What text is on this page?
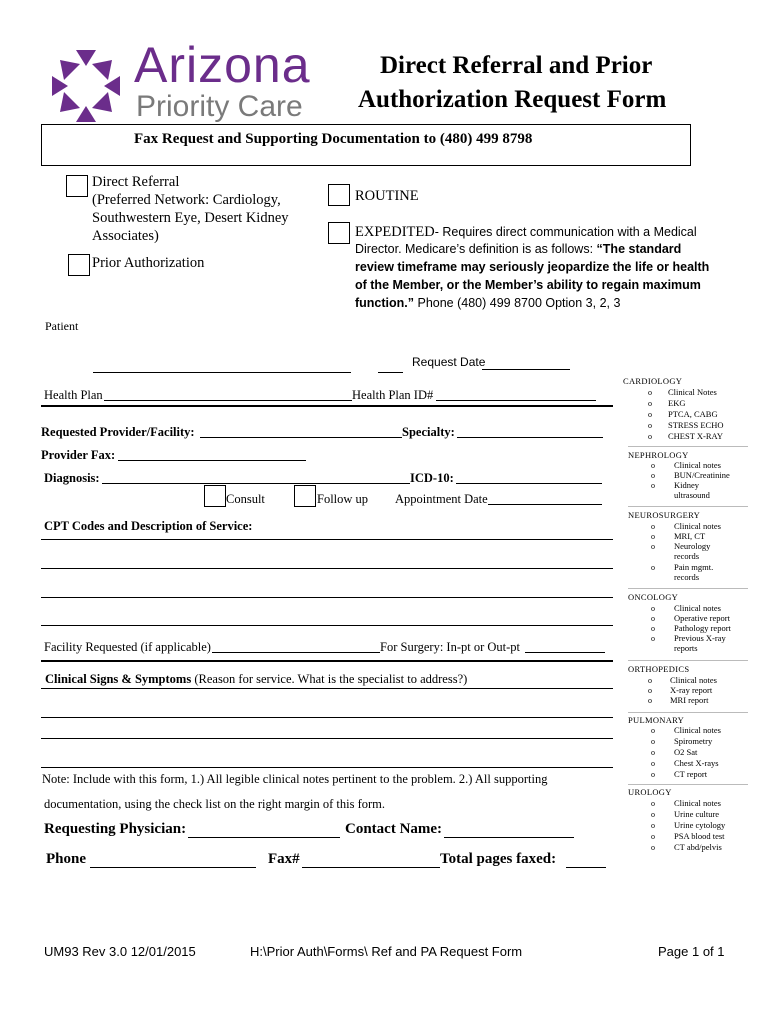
Arizona
Priority Care
Direct Referral and Prior
Authorization Request Form
Fax Request and Supporting Documentation to (480) 499 8798
Direct Referral
(Preferred Network: Cardiology,
Southwestern Eye, Desert Kidney
Associates)
Prior Authorization
ROUTINE
EXPEDITED- Requires direct communication with a Medical
Director. Medicare’s definition is as follows: “The standard
review timeframe may seriously jeopardize the life or health
of the Member, or the Member’s ability to regain maximum
function.” Phone (480) 499 8700 Option 3, 2, 3
Patient
Request Date
Health Plan	Health Plan ID#
Requested Provider/Facility:	Specialty:
Provider Fax:
Diagnosis:	ICD-10:
Consult	Follow up Appointment Date
CPT Codes and Description of Service:
Facility Requested (if applicable)	For Surgery: In-pt or Out-pt
Clinical Signs & Symptoms (Reason for service. What is the specialist to address?)
Note: Include with this form, 1.) All legible clinical notes pertinent to the problem. 2.) All supporting
documentation, using the check list on the right margin of this form.
Requesting Physician:	Contact Name:
Phone	Fax#	Total pages faxed:
CARDIOLOGY
o Clinical Notes
o EKG
o PTCA, CABG
o STRESS ECHO
o CHEST X-RAY
NEPHROLOGY
o Clinical notes
o BUN/Creatinine
o Kidney ultrasound
NEUROSURGERY
o Clinical notes
o MRI, CT
o Neurology records
o Pain mgmt. records
ONCOLOGY
o Clinical notes
o Operative report
o Pathology report
o Previous X-ray reports
ORTHOPEDICS
o Clinical notes
o X-ray report
o MRI report
PULMONARY
o Clinical notes
o Spirometry
o O2 Sat
o Chest X-rays
o CT report
UROLOGY
o Clinical notes
o Urine culture
o Urine cytology
o PSA blood test
o CT abd/pelvis
UM93 Rev 3.0 12/01/2015	H:\Prior Auth\Forms\ Ref and PA Request Form	Page 1 of 1
